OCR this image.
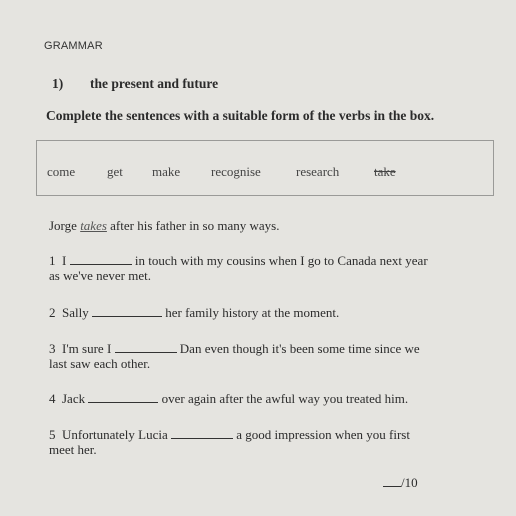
GRAMMAR
1) the present and future
Complete the sentences with a suitable form of the verbs in the box.
come get make recognise	research	take
Jorge takes after his father in so many ways.
1 I	in touch with my cousins when I go to Canada next year
as we've never met.
2 Sally	her family history at the moment.
3 I'm sure I	Dan even though it's been some time since we
last saw each other.
4 Jack	over again after the awful way you treated him.
5 Unfortunately Lucia	a good impression when you first
meet her.
/10
